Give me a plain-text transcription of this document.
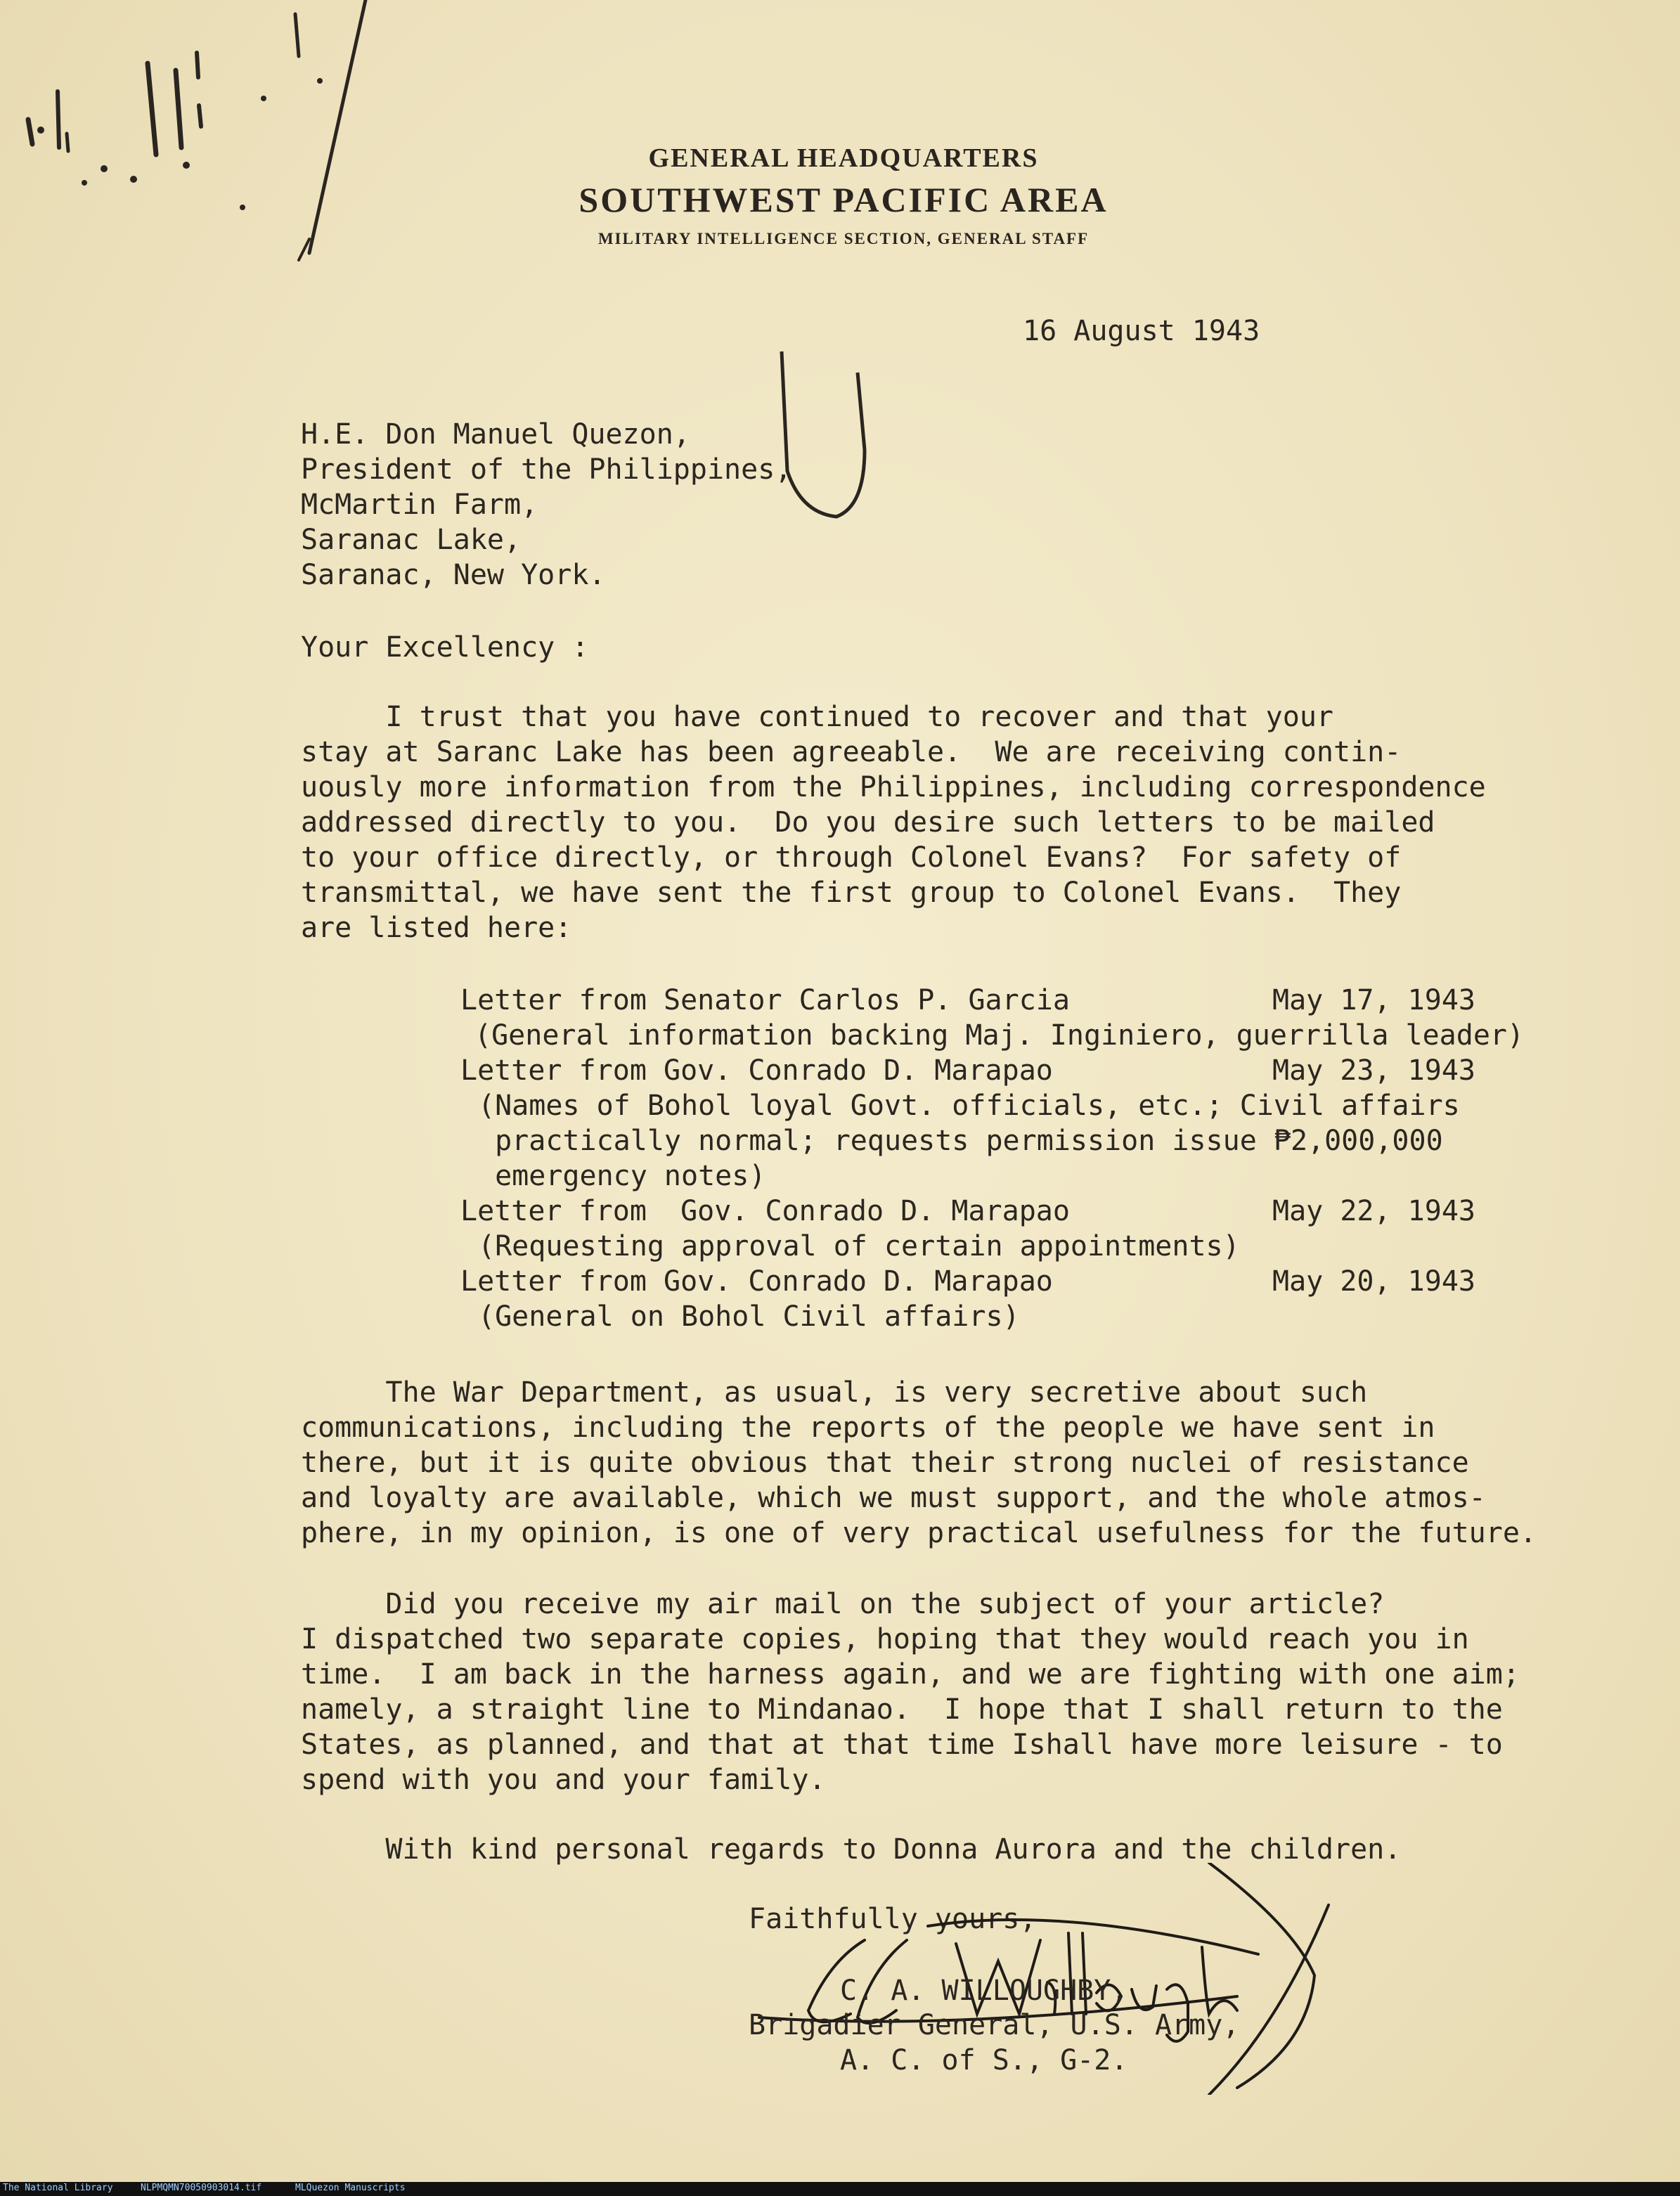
GENERAL HEADQUARTERS
SOUTHWEST PACIFIC AREA
MILITARY INTELLIGENCE SECTION, GENERAL STAFF
16 August 1943
H.E. Don Manuel Quezon,
President of the Philippines,
McMartin Farm,
Saranac Lake,
Saranac, New York.
Your Excellency :
I trust that you have continued to recover and that your
stay at Saranc Lake has been agreeable.  We are receiving contin-
uously more information from the Philippines, including correspondence
addressed directly to you.  Do you desire such letters to be mailed
to your office directly, or through Colonel Evans?  For safety of
transmittal, we have sent the first group to Colonel Evans.  They
are listed here:
Letter from Senator Carlos P. Garcia	May 17, 1943
(General information backing Maj. Inginiero, guerrilla leader)
Letter from Gov. Conrado D. Marapao	May 23, 1943
(Names of Bohol loyal Govt. officials, etc.; Civil affairs
practically normal; requests permission issue ₱2,000,000
emergency notes)
Letter from  Gov. Conrado D. Marapao	May 22, 1943
(Requesting approval of certain appointments)
Letter from Gov. Conrado D. Marapao	May 20, 1943
(General on Bohol Civil affairs)
The War Department, as usual, is very secretive about such
communications, including the reports of the people we have sent in
there, but it is quite obvious that their strong nuclei of resistance
and loyalty are available, which we must support, and the whole atmos-
phere, in my opinion, is one of very practical usefulness for the future.
Did you receive my air mail on the subject of your article?
I dispatched two separate copies, hoping that they would reach you in
time.  I am back in the harness again, and we are fighting with one aim;
namely, a straight line to Mindanao.  I hope that I shall return to the
States, as planned, and that at that time Ishall have more leisure - to
spend with you and your family.
With kind personal regards to Donna Aurora and the children.
Faithfully yours,
C. A. WILLOUGHBY,
Brigadier General, U.S. Army,
A. C. of S., G-2.
The National Library	NLPMQMN70050903014.tif	MLQuezon Manuscripts
